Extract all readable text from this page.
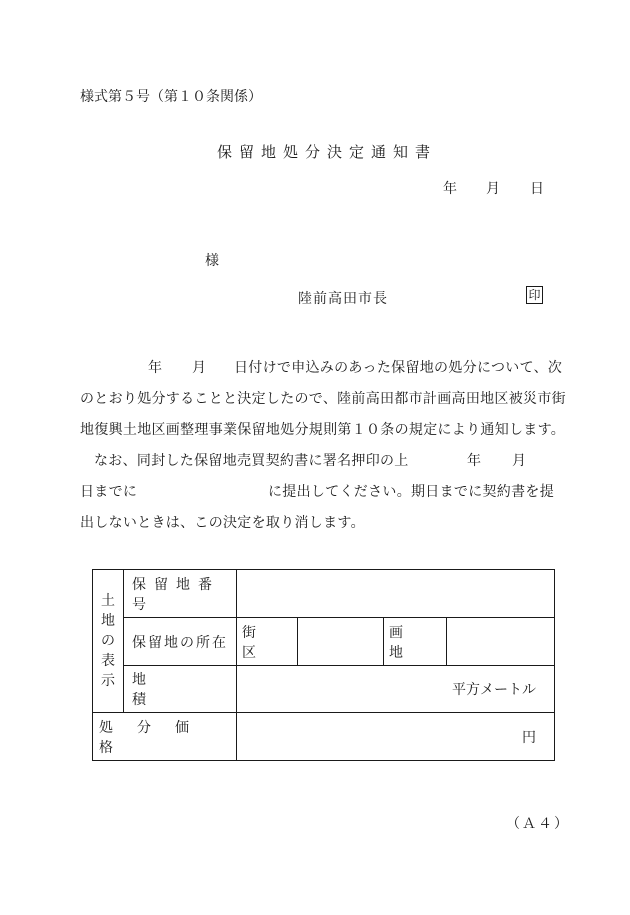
様式第５号（第１０条関係）
保留地処分決定通知書
年 月 日
様
陸前高田市長	印
年 月 日付けで申込みのあった保留地の処分について、次
のとおり処分することと決定したので、陸前高田都市計画高田地区被災市街
地復興土地区画整理事業保留地処分規則第１０条の規定により通知します。
なお、同封した保留地売買契約書に署名押印の上	年 月
日までに	に提出してください。期日までに契約書を提
出しないときは、この決定を取り消します。
土
地
の
表
示	保留地番号				
	保留地の所在	街区		画地	
	地積	平方メートル			
処分価格		円			
（Ａ４）
